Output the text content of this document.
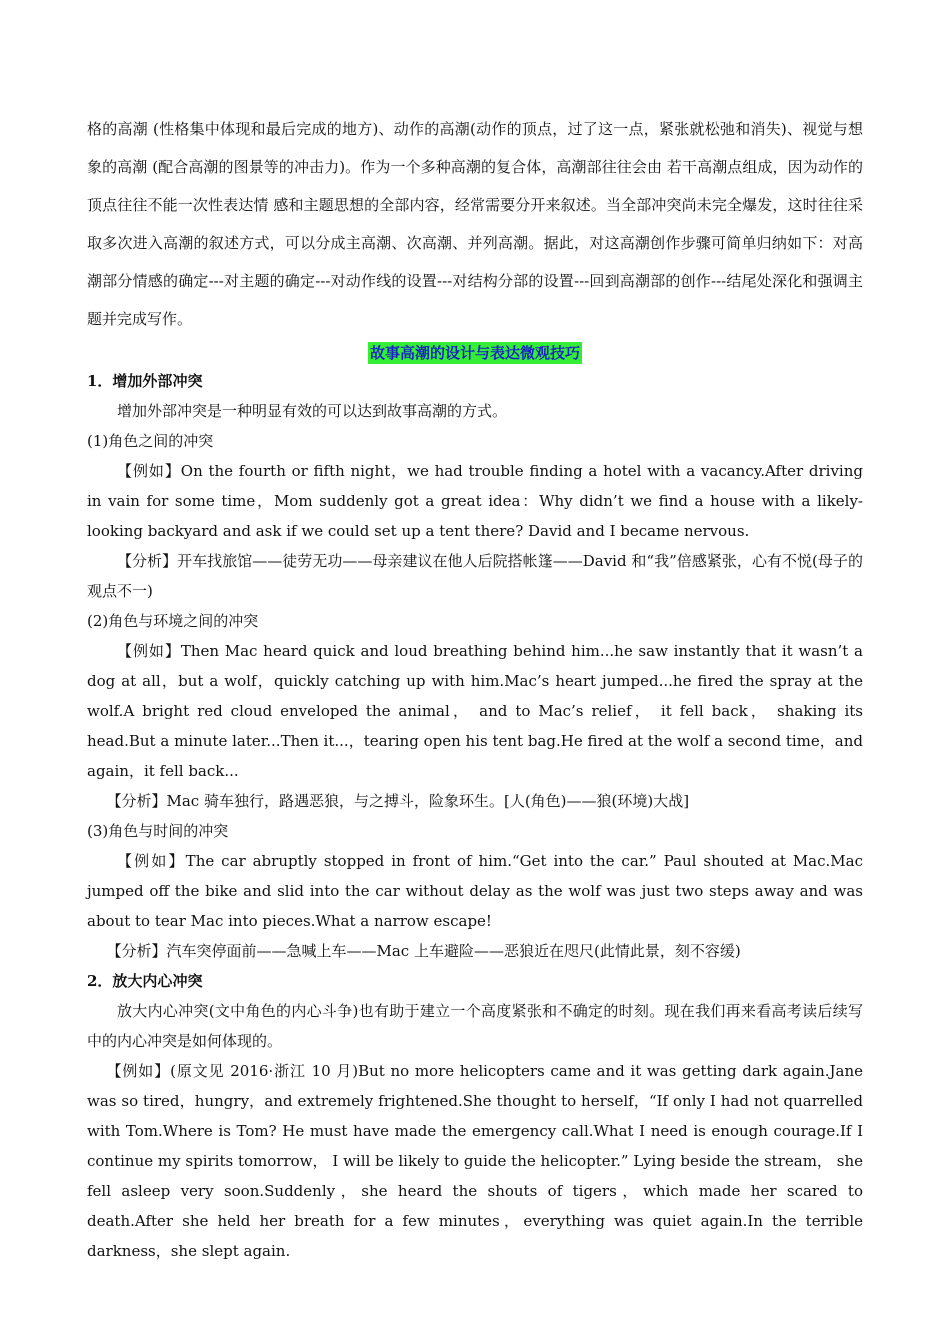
格的高潮 (性格集中体现和最后完成的地方)、动作的高潮(动作的顶点，过了这一点，紧张就松弛和消失)、视觉与想象的高潮 (配合高潮的图景等的冲击力)。作为一个多种高潮的复合体，高潮部往往会由 若干高潮点组成，因为动作的顶点往往不能一次性表达情 感和主题思想的全部内容，经常需要分开来叙述。当全部冲突尚未完全爆发，这时往往采取多次进入高潮的叙述方式，可以分成主高潮、次高潮、并列高潮。据此，对这高潮创作步骤可简单归纳如下：对高潮部分情感的确定---对主题的确定---对动作线的设置---对结构分部的设置---回到高潮部的创作---结尾处深化和强调主题并完成写作。

故事高潮的设计与表达微观技巧

1．增加外部冲突

增加外部冲突是一种明显有效的可以达到故事高潮的方式。

(1)角色之间的冲突

【例如】On the fourth or fifth night，we had trouble finding a hotel with a vacancy.After driving in vain for some time，Mom suddenly got a great idea：Why didn’t we find a house with a likely-looking backyard and ask if we could set up a tent there? David and I became nervous.

【分析】开车找旅馆——徒劳无功——母亲建议在他人后院搭帐篷——David 和“我”倍感紧张，心有不悦(母子的观点不一)

(2)角色与环境之间的冲突

【例如】Then Mac heard quick and loud breathing behind him...he saw instantly that it wasn’t a dog at all，but a wolf，quickly catching up with him.Mac’s heart jumped...he fired the spray at the wolf.A bright red cloud enveloped the animal， and to Mac’s relief， it fell back， shaking its head.But a minute later...Then it...，tearing open his tent bag.He fired at the wolf a second time，and again，it fell back...

【分析】Mac 骑车独行，路遇恶狼，与之搏斗，险象环生。[人(角色)——狼(环境)大战]

(3)角色与时间的冲突

【例如】The car abruptly stopped in front of him.“Get into the car.” Paul shouted at Mac.Mac jumped off the bike and slid into the car without delay as the wolf was just two steps away and was about to tear Mac into pieces.What a narrow escape!

【分析】汽车突停面前——急喊上车——Mac 上车避险——恶狼近在咫尺(此情此景，刻不容缓)

2．放大内心冲突

放大内心冲突(文中角色的内心斗争)也有助于建立一个高度紧张和不确定的时刻。现在我们再来看高考读后续写中的内心冲突是如何体现的。

【例如】(原文见 2016·浙江 10 月)But no more helicopters came and it was getting dark again.Jane was so tired，hungry，and extremely frightened.She thought to herself，“If only I had not quarrelled with Tom.Where is Tom? He must have made the emergency call.What I need is enough courage.If I continue my spirits tomorrow， I will be likely to guide the helicopter.” Lying beside the stream， she fell asleep very soon.Suddenly，she heard the shouts of tigers，which made her scared to death.After she held her breath for a few minutes，everything was quiet again.In the terrible darkness，she slept again.
